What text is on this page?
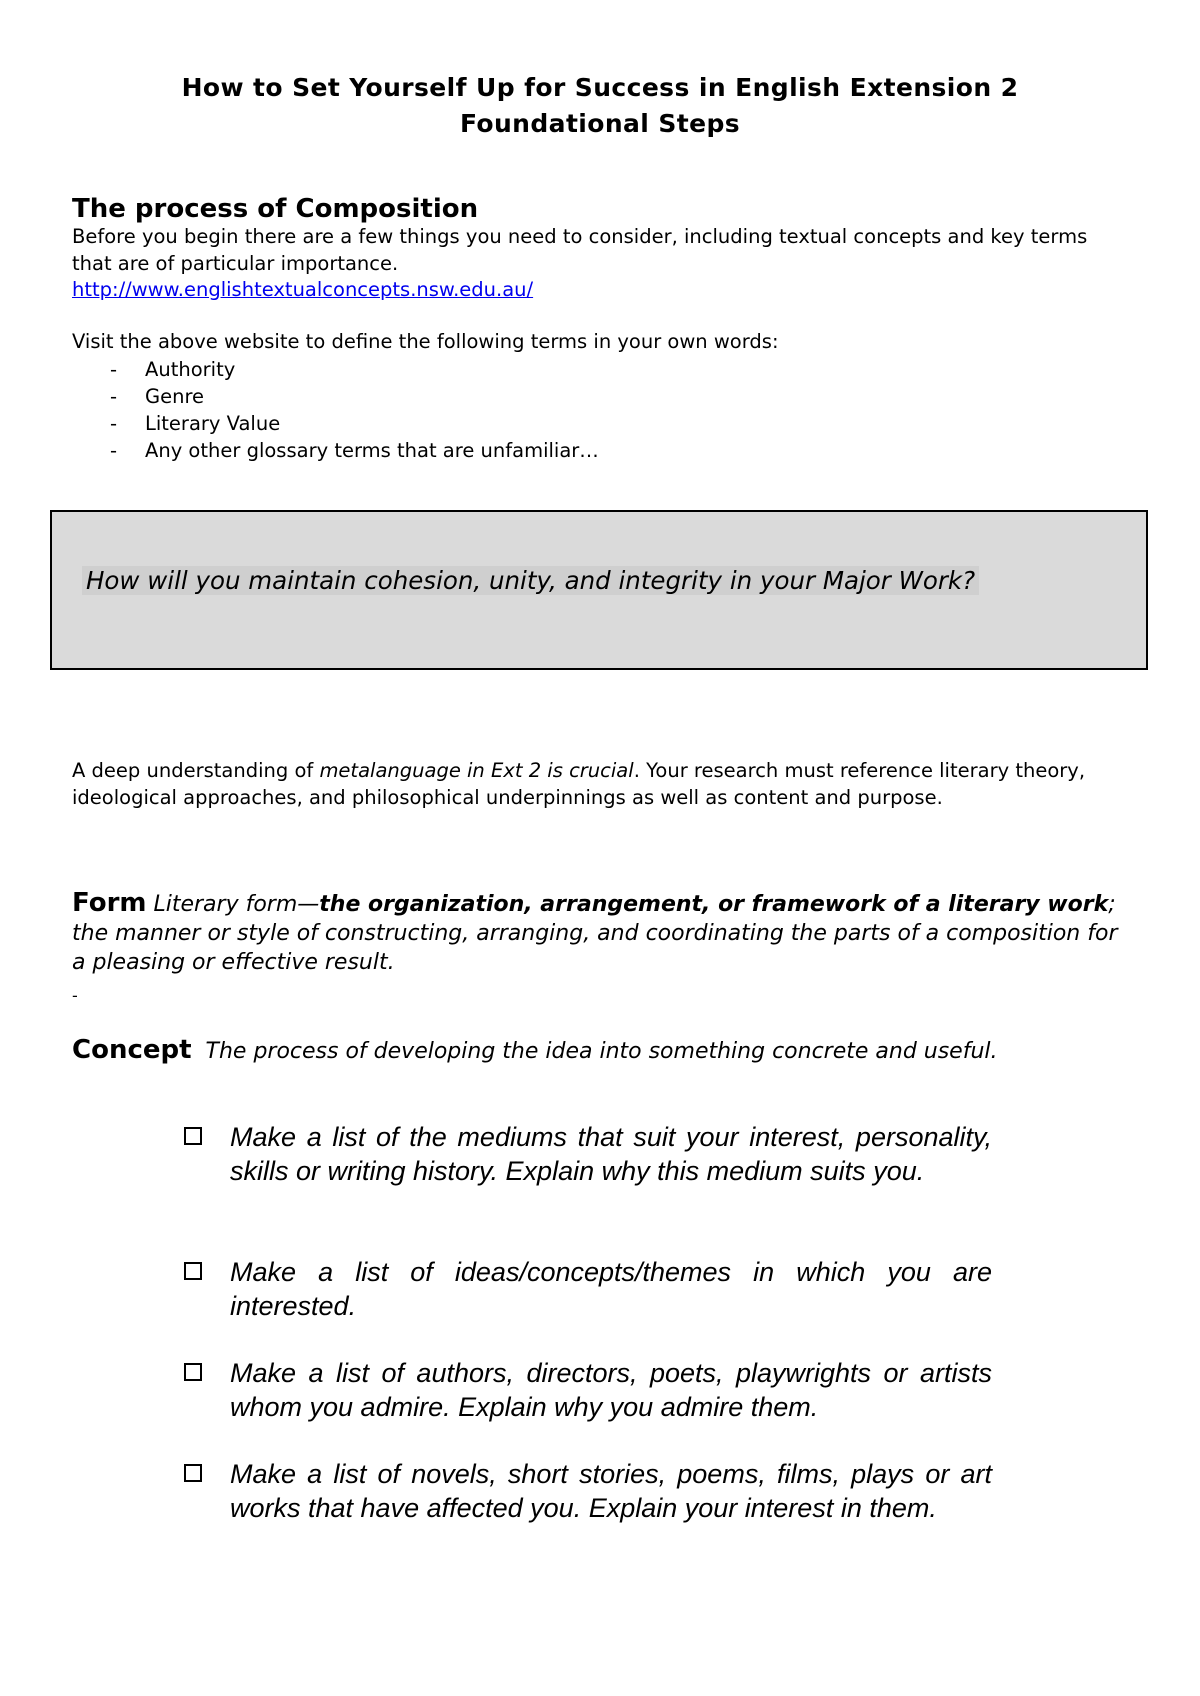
How to Set Yourself Up for Success in English Extension 2
Foundational Steps
The process of Composition
Before you begin there are a few things you need to consider, including textual concepts and key terms that are of particular importance.
http://www.englishtextualconcepts.nsw.edu.au/
Visit the above website to define the following terms in your own words:
- Authority
- Genre
- Literary Value
- Any other glossary terms that are unfamiliar…
How will you maintain cohesion, unity, and integrity in your Major Work?
A deep understanding of metalanguage in Ext 2 is crucial. Your research must reference literary theory, ideological approaches, and philosophical underpinnings as well as content and purpose.
Form Literary form—the organization, arrangement, or framework of a literary work; the manner or style of constructing, arranging, and coordinating the parts of a composition for a pleasing or effective result.
-
Concept The process of developing the idea into something concrete and useful.
Make a list of the mediums that suit your interest, personality, skills or writing history. Explain why this medium suits you.
Make a list of ideas/concepts/themes in which you are interested.
Make a list of authors, directors, poets, playwrights or artists whom you admire. Explain why you admire them.
Make a list of novels, short stories, poems, films, plays or art works that have affected you. Explain your interest in them.
